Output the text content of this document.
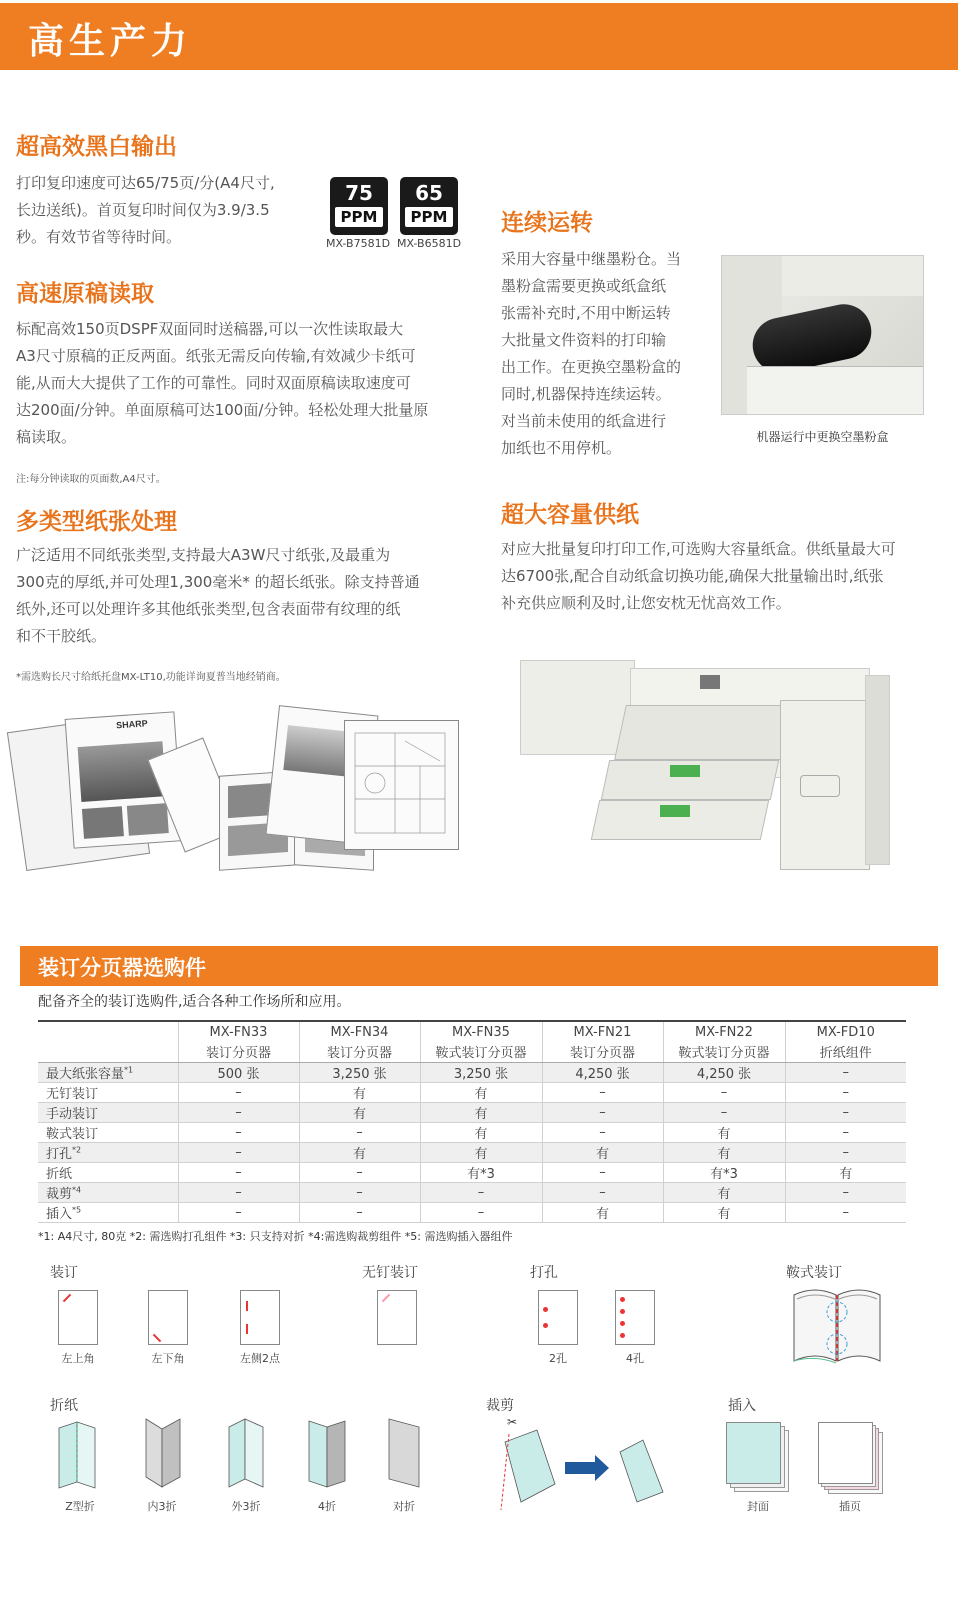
高生产力
超高效黑白输出
打印复印速度可达65/75页/分(A4尺寸,
长边送纸)。首页复印时间仅为3.9/3.5
秒。有效节省等待时间。
75
PPM
65
PPM
MX-B7581D MX-B6581D
高速原稿读取
标配高效150页DSPF双面同时送稿器,可以一次性读取最大
A3尺寸原稿的正反两面。纸张无需反向传输,有效减少卡纸可
能,从而大大提供了工作的可靠性。同时双面原稿读取速度可
达200面/分钟。单面原稿可达100面/分钟。轻松处理大批量原
稿读取。
注:每分钟读取的页面数,A4尺寸。
多类型纸张处理
广泛适用不同纸张类型,支持最大A3W尺寸纸张,及最重为
300克的厚纸,并可处理1,300毫米* 的超长纸张。除支持普通
纸外,还可以处理许多其他纸张类型,包含表面带有纹理的纸
和不干胶纸。
*需选购长尺寸给纸托盘MX-LT10,功能详询夏普当地经销商。
SHARP
连续运转
采用大容量中继墨粉仓。当
墨粉盒需要更换或纸盒纸
张需补充时,不用中断运转
大批量文件资料的打印输
出工作。在更换空墨粉盒的
同时,机器保持连续运转。
对当前未使用的纸盒进行
加纸也不用停机。
机器运行中更换空墨粉盒
超大容量供纸
对应大批量复印打印工作,可选购大容量纸盒。供纸量最大可
达6700张,配合自动纸盒切换功能,确保大批量输出时,纸张
补充供应顺利及时,让您安枕无忧高效工作。
装订分页器选购件
配备齐全的装订选购件,适合各种工作场所和应用。
	MX-FN33	MX-FN34	MX-FN35	MX-FN21	MX-FN22	MX-FD10
	装订分页器	装订分页器	鞍式装订分页器	装订分页器	鞍式装订分页器	折纸组件
最大纸张容量$^{*1}$	500 张	3,250 张	3,250 张	4,250 张	4,250 张	–
无钉装订	–	有	有	–	–	–
手动装订	–	有	有	–	–	–
鞍式装订	–	–	有	–	有	–
打孔$^{*2}$	–	有	有	有	有	–
折纸	–	–	有*3	–	有*3	有
裁剪$^{*4}$	–	–	–	–	有	–
插入$^{*5}$	–	–	–	有	有	–
*1: A4尺寸, 80克 *2: 需选购打孔组件 *3: 只支持对折 *4:需选购裁剪组件 *5: 需选购插入器组件
装订
左上角	左下角	左侧2点
无钉装订	打孔
2孔	4孔
鞍式装订
折纸
Z型折	内3折	外3折	4折	对折
裁剪
✂
插入
封面	插页
